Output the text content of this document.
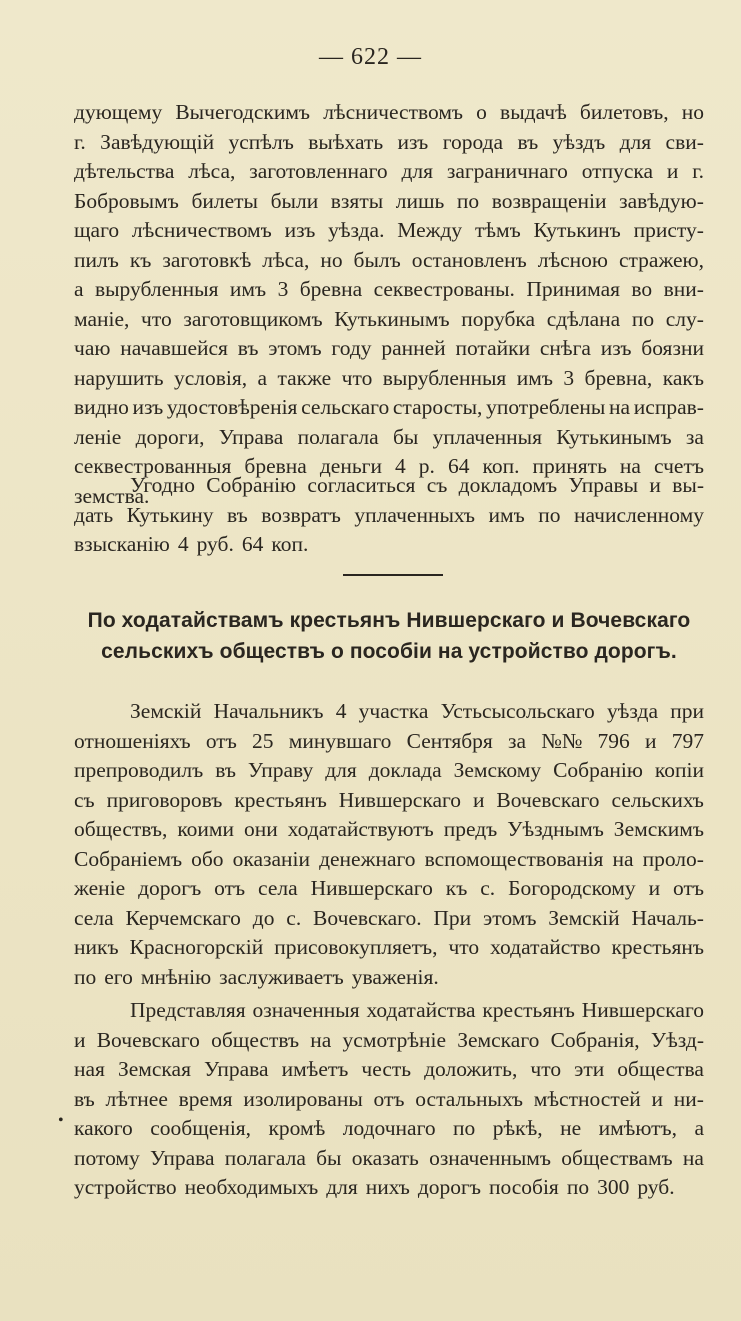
— 622 —
дующему Вычегодскимъ лѣсничествомъ о выдачѣ билетовъ, но
г. Завѣдующій успѣлъ выѣхать изъ города въ уѣздъ для сви-
дѣтельства лѣса, заготовленнаго для заграничнаго отпуска и г.
Бобровымъ билеты были взяты лишь по возвращеніи завѣдую-
щаго лѣсничествомъ изъ уѣзда. Между тѣмъ Кутькинъ присту-
пилъ къ заготовкѣ лѣса, но былъ остановленъ лѣсною стражею,
а вырубленныя имъ 3 бревна секвестрованы. Принимая во вни-
маніе, что заготовщикомъ Кутькинымъ порубка сдѣлана по слу-
чаю начавшейся въ этомъ году ранней потайки снѣга изъ боязни
нарушить условія, а также что вырубленныя имъ 3 бревна, какъ
видно изъ удостовѣренія сельскаго старосты, употреблены на исправ-
леніе дороги, Управа полагала бы уплаченныя Кутькинымъ за
секвестрованныя бревна деньги 4 р. 64 коп. принять на счетъ
земства.
Угодно Собранію согласиться съ докладомъ Управы и вы-
дать Кутькину въ возвратъ уплаченныхъ имъ по начисленному
взысканію 4 руб. 64 коп.
По ходатайствамъ крестьянъ Нившерскаго и Вочевскаго
сельскихъ обществъ о пособіи на устройство дорогъ.
Земскій Начальникъ 4 участка Устьсысольскаго уѣзда при
отношеніяхъ отъ 25 минувшаго Сентября за №№ 796 и 797
препроводилъ въ Управу для доклада Земскому Собранію копіи
съ приговоровъ крестьянъ Нившерскаго и Вочевскаго сельскихъ
обществъ, коими они ходатайствуютъ предъ Уѣзднымъ Земскимъ
Собраніемъ обо оказаніи денежнаго вспомоществованія на проло-
женіе дорогъ отъ села Нившерскаго къ с. Богородскому и отъ
села Керчемскаго до с. Вочевскаго. При этомъ Земскій Началь-
никъ Красногорскій присовокупляетъ, что ходатайство крестьянъ
по его мнѣнію заслуживаетъ уваженія.
Представляя означенныя ходатайства крестьянъ Нившерскаго
и Вочевскаго обществъ на усмотрѣніе Земскаго Собранія, Уѣзд-
ная Земская Управа имѣетъ честь доложить, что эти общества
въ лѣтнее время изолированы отъ остальныхъ мѣстностей и ни-
какого сообщенія, кромѣ лодочнаго по рѣкѣ, не имѣютъ, а
потому Управа полагала бы оказать означеннымъ обществамъ на
устройство необходимыхъ для нихъ дорогъ пособія по 300 руб.
•
